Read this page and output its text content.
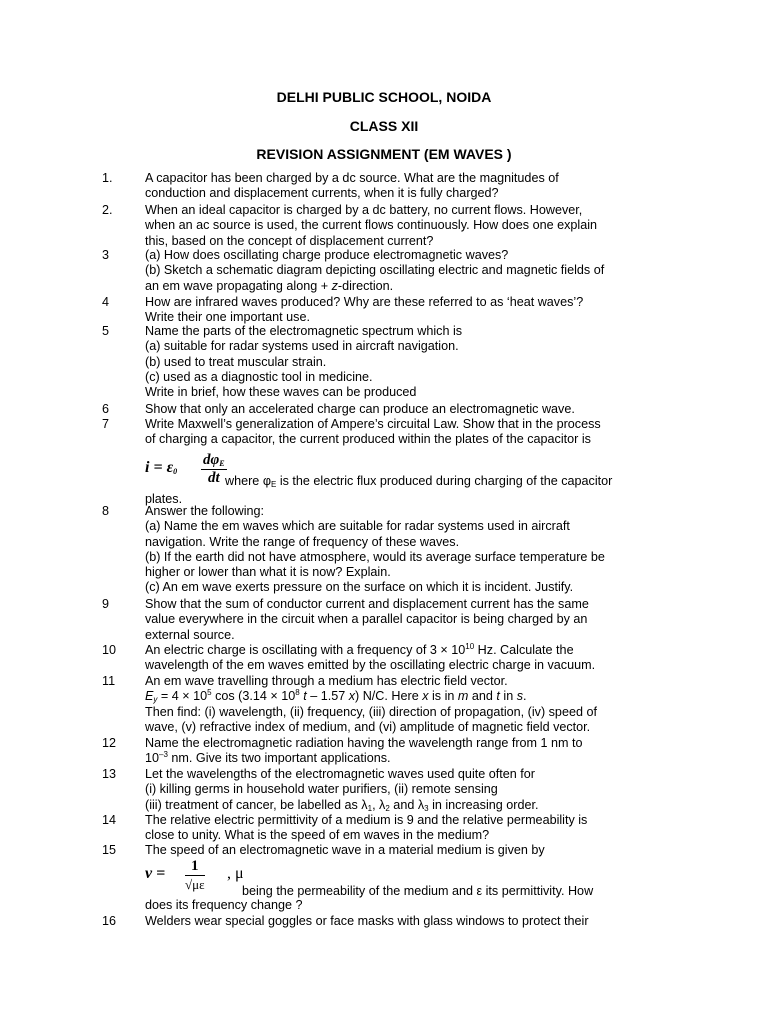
DELHI PUBLIC SCHOOL, NOIDA
CLASS XII
REVISION ASSIGNMENT (EM WAVES )
1.	A capacitor has been charged by a dc source. What are the magnitudes of
conduction and displacement currents, when it is fully charged?
2.	When an ideal capacitor is charged by a dc battery, no current flows. However,
when an ac source is used, the current flows continuously. How does one explain
this, based on the concept of displacement current?
3	(a) How does oscillating charge produce electromagnetic waves?
(b) Sketch a schematic diagram depicting oscillating electric and magnetic fields of
an em wave propagating along + z-direction.
4	How are infrared waves produced? Why are these referred to as ‘heat waves’?
Write their one important use.
5	Name the parts of the electromagnetic spectrum which is
(a) suitable for radar systems used in aircraft navigation.
(b) used to treat muscular strain.
(c) used as a diagnostic tool in medicine.
Write in brief, how these waves can be produced
6	Show that only an accelerated charge can produce an electromagnetic wave.
7	Write Maxwell’s generalization of Ampere’s circuital Law. Show that in the process
of charging a capacitor, the current produced within the plates of the capacitor is
$i = \varepsilon_0$
$d\varphi_E$
dt where $\varphi_E$ is the electric flux produced during charging of the capacitor
plates.
8	Answer the following:
(a) Name the em waves which are suitable for radar systems used in aircraft
navigation. Write the range of frequency of these waves.
(b) If the earth did not have atmosphere, would its average surface temperature be
higher or lower than what it is now? Explain.
(c) An em wave exerts pressure on the surface on which it is incident. Justify.
9	Show that the sum of conductor current and displacement current has the same
value everywhere in the circuit when a parallel capacitor is being charged by an
external source.
10 An electric charge is oscillating with a frequency of $3 \times 10^{10}$ Hz. Calculate the
wavelength of the em waves emitted by the oscillating electric charge in vacuum.
11 An em wave travelling through a medium has electric field vector.
$E_y = 4 \times 10^5$ $\cos (3.14 \times 10^8$ t – 1.57 x) N/C. Here x is in m and t in s.
Then find: (i) wavelength, (ii) frequency, (iii) direction of propagation, (iv) speed of
wave, (v) refractive index of medium, and (vi) amplitude of magnetic field vector.
12 Name the electromagnetic radiation having the wavelength range from 1 nm to
$10^{-3}$ nm. Give its two important applications.
13 Let the wavelengths of the electromagnetic waves used quite often for
(i) killing germs in household water purifiers, (ii) remote sensing
(iii) treatment of cancer, be labelled as $\lambda_1$, $\lambda_2$ and $\lambda_3$ in increasing order.
14 The relative electric permittivity of a medium is 9 and the relative permeability is
close to unity. What is the speed of em waves in the medium?
15 The speed of an electromagnetic wave in a material medium is given by
$v = \frac{1}{√\mu\varepsilon}$ , μ
being the permeability of the medium and ε its permittivity. How
does its frequency change ?
16 Welders wear special goggles or face masks with glass windows to protect their
